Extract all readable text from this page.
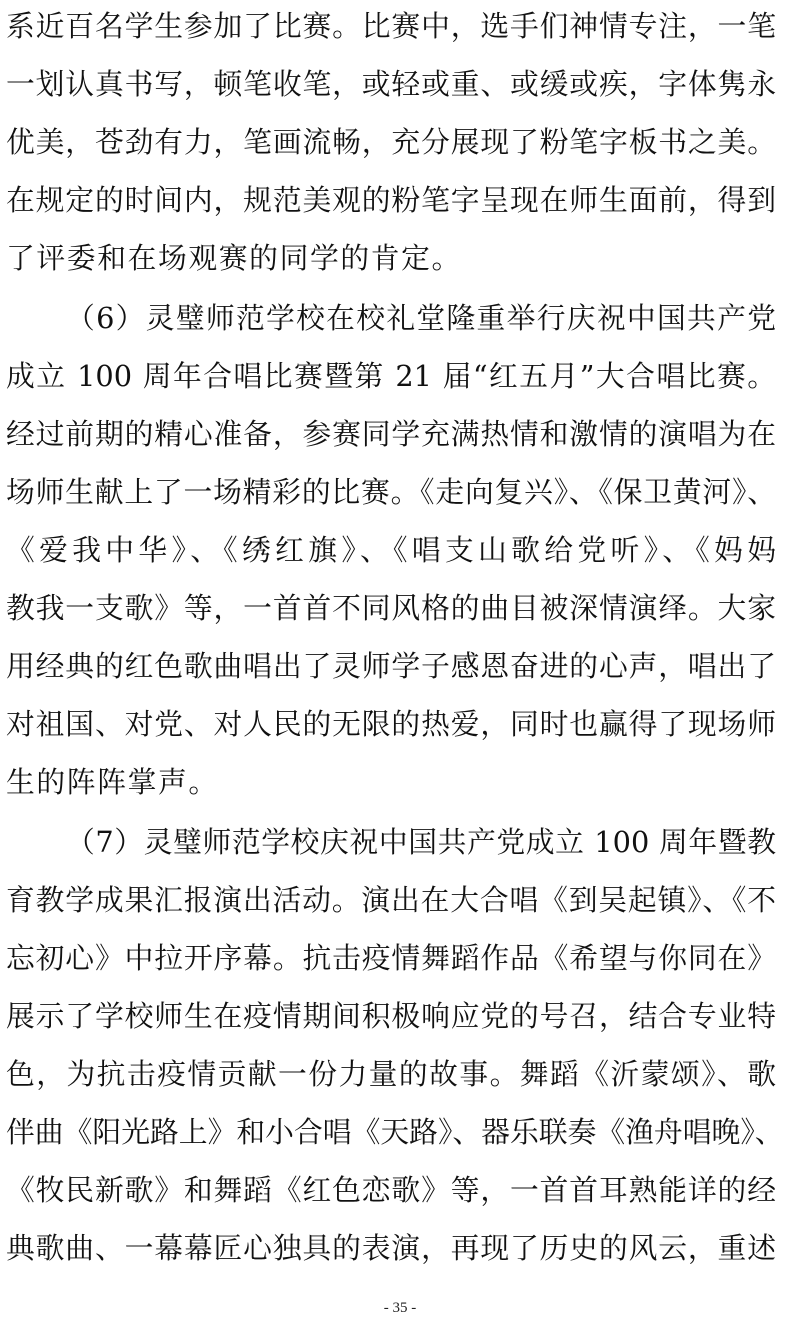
系近百名学生参加了比赛。比赛中，选手们神情专注，一笔
一划认真书写，顿笔收笔，或轻或重、或缓或疾，字体隽永
优美，苍劲有力，笔画流畅，充分展现了粉笔字板书之美。
在规定的时间内，规范美观的粉笔字呈现在师生面前，得到
了评委和在场观赛的同学的肯定。
（6）灵璧师范学校在校礼堂隆重举行庆祝中国共产党
成立 100 周年合唱比赛暨第 21 届“红五月”大合唱比赛。
经过前期的精心准备，参赛同学充满热情和激情的演唱为在
场师生献上了一场精彩的比赛。《走向复兴》、《保卫黄河》、
《爱我中华》、《绣红旗》、《唱支山歌给党听》、《妈妈
教我一支歌》等，一首首不同风格的曲目被深情演绎。大家
用经典的红色歌曲唱出了灵师学子感恩奋进的心声，唱出了
对祖国、对党、对人民的无限的热爱，同时也赢得了现场师
生的阵阵掌声。
（7）灵璧师范学校庆祝中国共产党成立 100 周年暨教
育教学成果汇报演出活动。演出在大合唱《到吴起镇》、《不
忘初心》中拉开序幕。抗击疫情舞蹈作品《希望与你同在》
展示了学校师生在疫情期间积极响应党的号召，结合专业特
色，为抗击疫情贡献一份力量的故事。舞蹈《沂蒙颂》、歌
伴曲《阳光路上》和小合唱《天路》、器乐联奏《渔舟唱晚》、
《牧民新歌》和舞蹈《红色恋歌》等，一首首耳熟能详的经
典歌曲、一幕幕匠心独具的表演，再现了历史的风云，重述
- 35 -
